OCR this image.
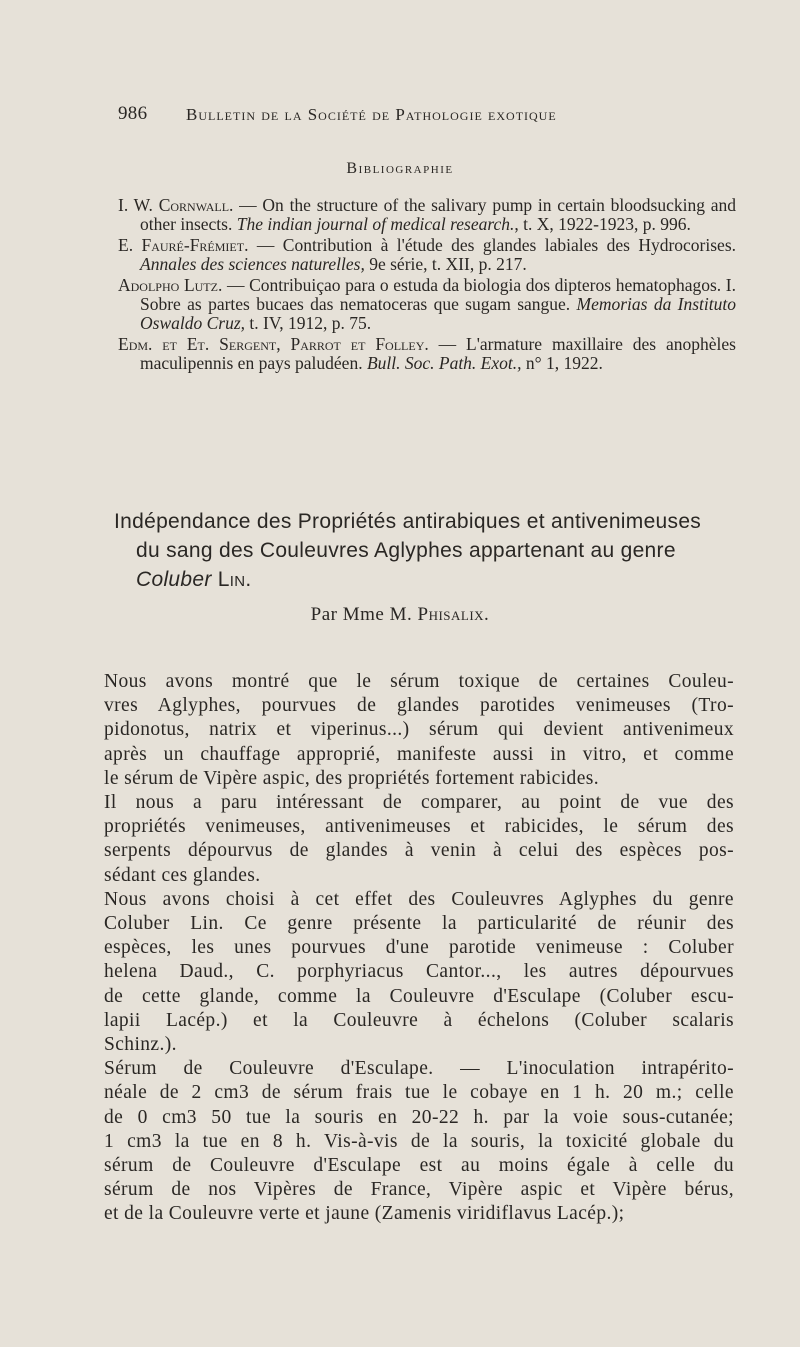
986 Bulletin de la Société de Pathologie exotique
Bibliographie

I. W. Cornwall. — On the structure of the salivary pump in certain bloodsucking and other insects. The indian journal of medical research., t. X, 1922-1923, p. 996.

E. Fauré-Frémiet. — Contribution à l'étude des glandes labiales des Hydrocorises. Annales des sciences naturelles, 9e série, t. XII, p. 217.

Adolpho Lutz. — Contribuiçao para o estuda da biologia dos dipteros hematophagos. I. Sobre as partes bucaes das nematoceras que sugam sangue. Memorias da Instituto Oswaldo Cruz, t. IV, 1912, p. 75.

Edm. et Et. Sergent, Parrot et Folley. — L'armature maxillaire des anophèles maculipennis en pays paludéen. Bull. Soc. Path. Exot., n° 1, 1922.

Indépendance des Propriétés antirabiques et antivenimeuses
du sang des Couleuvres Aglyphes appartenant au genre
Coluber Lin.
Par Mme M. Phisalix.

Nous avons montré que le sérum toxique de certaines Couleu-
vres Aglyphes, pourvues de glandes parotides venimeuses (Tro-
pidonotus, natrix et viperinus...) sérum qui devient antivenimeux
après un chauffage approprié, manifeste aussi in vitro, et comme
le sérum de Vipère aspic, des propriétés fortement rabicides.

Il nous a paru intéressant de comparer, au point de vue des
propriétés venimeuses, antivenimeuses et rabicides, le sérum des
serpents dépourvus de glandes à venin à celui des espèces pos-
sédant ces glandes.

Nous avons choisi à cet effet des Couleuvres Aglyphes du genre
Coluber Lin. Ce genre présente la particularité de réunir des
espèces, les unes pourvues d'une parotide venimeuse : Coluber
helena Daud., C. porphyriacus Cantor..., les autres dépourvues
de cette glande, comme la Couleuvre d'Esculape (Coluber escu-
lapii Lacép.) et la Couleuvre à échelons (Coluber scalaris
Schinz.).

Sérum de Couleuvre d'Esculape. — L'inoculation intrapérito-
néale de 2 cm3 de sérum frais tue le cobaye en 1 h. 20 m.; celle
de 0 cm3 50 tue la souris en 20-22 h. par la voie sous-cutanée;
1 cm3 la tue en 8 h. Vis-à-vis de la souris, la toxicité globale du
sérum de Couleuvre d'Esculape est au moins égale à celle du
sérum de nos Vipères de France, Vipère aspic et Vipère bérus,
et de la Couleuvre verte et jaune (Zamenis viridiflavus Lacép.);
